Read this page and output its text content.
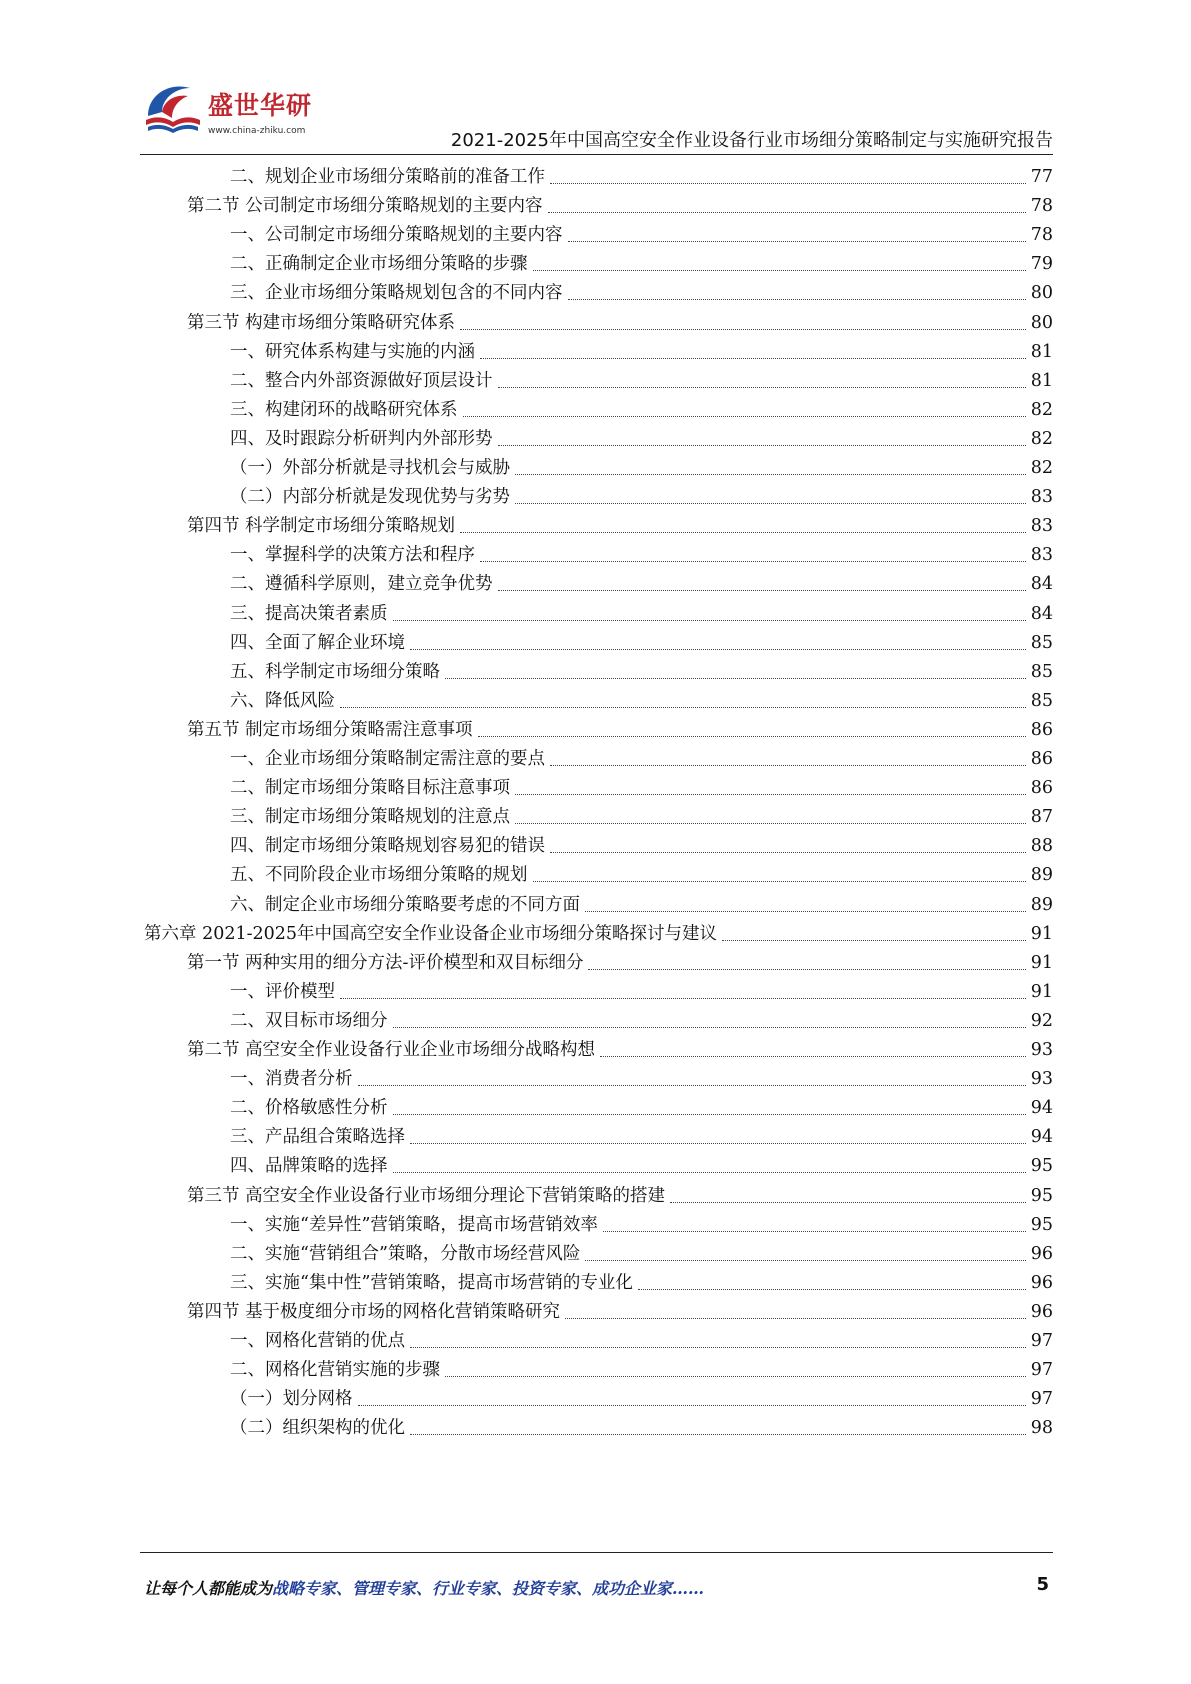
盛世华研
www.china-zhiku.com	2021-2025年中国高空安全作业设备行业市场细分策略制定与实施研究报告
二、规划企业市场细分策略前的准备工作	77
第二节 公司制定市场细分策略规划的主要内容	78
一、公司制定市场细分策略规划的主要内容	78
二、正确制定企业市场细分策略的步骤	79
三、企业市场细分策略规划包含的不同内容	80
第三节 构建市场细分策略研究体系	80
一、研究体系构建与实施的内涵	81
二、整合内外部资源做好顶层设计	81
三、构建闭环的战略研究体系	82
四、及时跟踪分析研判内外部形势	82
（一）外部分析就是寻找机会与威胁	82
（二）内部分析就是发现优势与劣势	83
第四节 科学制定市场细分策略规划	83
一、掌握科学的决策方法和程序	83
二、遵循科学原则，建立竞争优势	84
三、提高决策者素质	84
四、全面了解企业环境	85
五、科学制定市场细分策略	85
六、降低风险	85
第五节 制定市场细分策略需注意事项	86
一、企业市场细分策略制定需注意的要点	86
二、制定市场细分策略目标注意事项	86
三、制定市场细分策略规划的注意点	87
四、制定市场细分策略规划容易犯的错误	88
五、不同阶段企业市场细分策略的规划	89
六、制定企业市场细分策略要考虑的不同方面	89
第六章 2021-2025年中国高空安全作业设备企业市场细分策略探讨与建议	91
第一节 两种实用的细分方法-评价模型和双目标细分	91
一、评价模型	91
二、双目标市场细分	92
第二节 高空安全作业设备行业企业市场细分战略构想	93
一、消费者分析	93
二、价格敏感性分析	94
三、产品组合策略选择	94
四、品牌策略的选择	95
第三节 高空安全作业设备行业市场细分理论下营销策略的搭建	95
一、实施“差异性”营销策略，提高市场营销效率	95
二、实施“营销组合”策略，分散市场经营风险	96
三、实施“集中性”营销策略，提高市场营销的专业化	96
第四节 基于极度细分市场的网格化营销策略研究	96
一、网格化营销的优点	97
二、网格化营销实施的步骤	97
（一）划分网格	97
（二）组织架构的优化	98
让每个人都能成为战略专家、管理专家、行业专家、投资专家、成功企业家……	5
